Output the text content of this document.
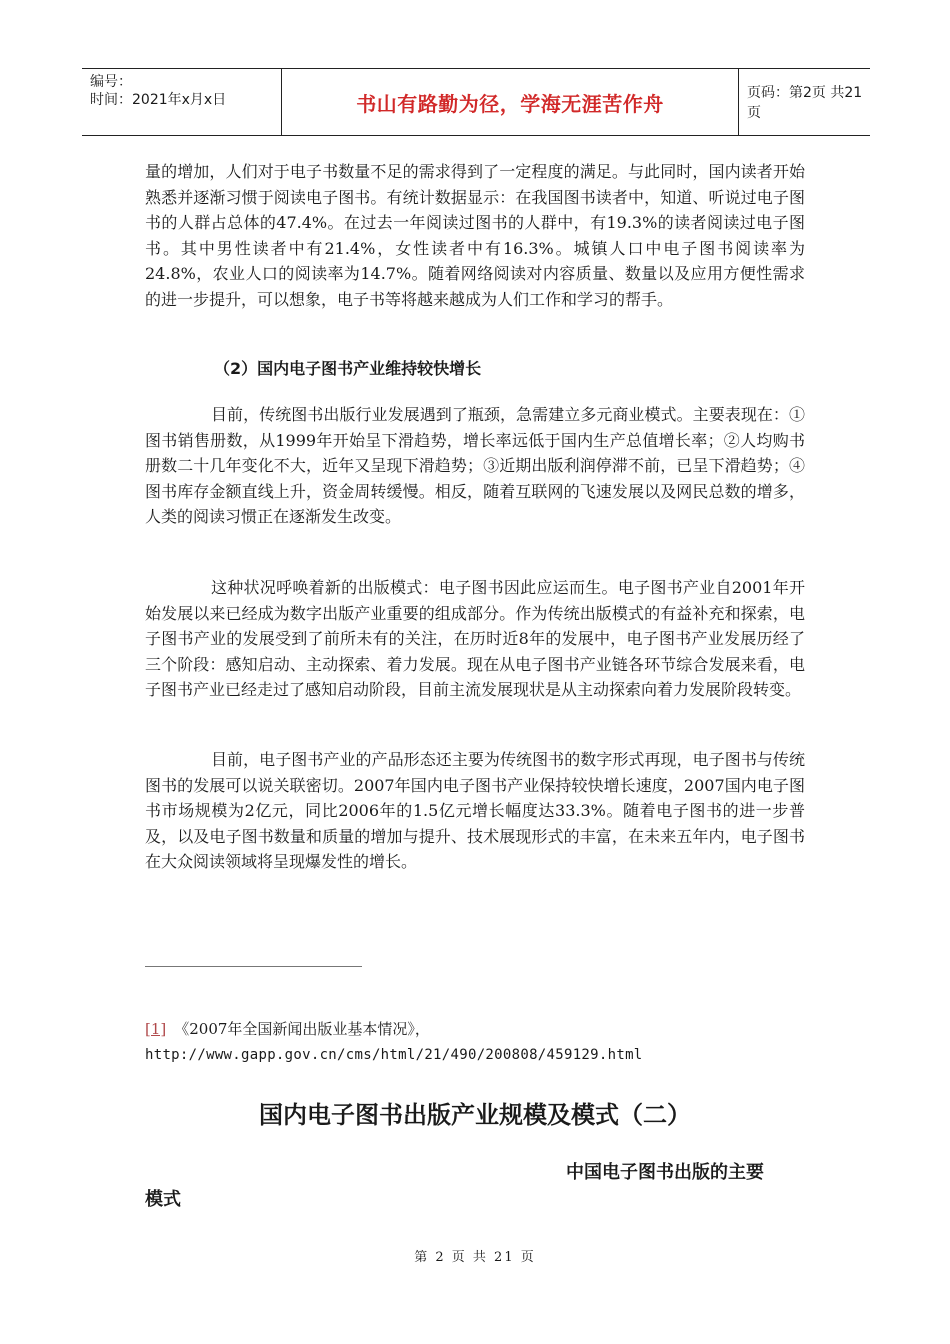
编号：
时间：2021年x月x日	书山有路勤为径，学海无涯苦作舟	页码：第2页 共21页

量的增加，人们对于电子书数量不足的需求得到了一定程度的满足。与此同时，国内读者开始熟悉并逐渐习惯于阅读电子图书。有统计数据显示：在我国图书读者中，知道、听说过电子图书的人群占总体的47.4%。在过去一年阅读过图书的人群中，有19.3%的读者阅读过电子图书。其中男性读者中有21.4%，女性读者中有16.3%。城镇人口中电子图书阅读率为24.8%，农业人口的阅读率为14.7%。随着网络阅读对内容质量、数量以及应用方便性需求的进一步提升，可以想象，电子书等将越来越成为人们工作和学习的帮手。

（2）国内电子图书产业维持较快增长

目前，传统图书出版行业发展遇到了瓶颈，急需建立多元商业模式。主要表现在：①图书销售册数，从1999年开始呈下滑趋势，增长率远低于国内生产总值增长率；②人均购书册数二十几年变化不大，近年又呈现下滑趋势；③近期出版利润停滞不前，已呈下滑趋势；④图书库存金额直线上升，资金周转缓慢。相反，随着互联网的飞速发展以及网民总数的增多，人类的阅读习惯正在逐渐发生改变。

这种状况呼唤着新的出版模式：电子图书因此应运而生。电子图书产业自2001年开始发展以来已经成为数字出版产业重要的组成部分。作为传统出版模式的有益补充和探索，电子图书产业的发展受到了前所未有的关注，在历时近8年的发展中，电子图书产业发展历经了三个阶段：感知启动、主动探索、着力发展。现在从电子图书产业链各环节综合发展来看，电子图书产业已经走过了感知启动阶段，目前主流发展现状是从主动探索向着力发展阶段转变。

目前，电子图书产业的产品形态还主要为传统图书的数字形式再现，电子图书与传统图书的发展可以说关联密切。2007年国内电子图书产业保持较快增长速度，2007国内电子图书市场规模为2亿元，同比2006年的1.5亿元增长幅度达33.3%。随着电子图书的进一步普及，以及电子图书数量和质量的增加与提升、技术展现形式的丰富，在未来五年内，电子图书在大众阅读领域将呈现爆发性的增长。

[1] 《2007年全国新闻出版业基本情况》，
http://www.gapp.gov.cn/cms/html/21/490/200808/459129.html
国内电子图书出版产业规模及模式（二）
中国电子图书出版的主要
模式
第 2 页 共 21 页
